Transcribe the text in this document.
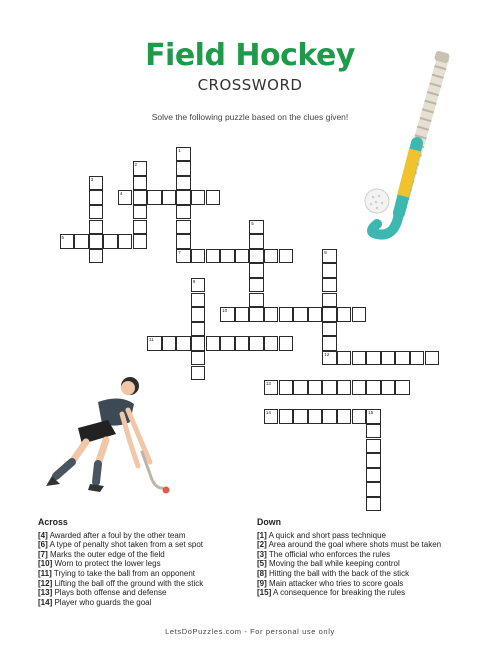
Field Hockey
CROSSWORD
Solve the following puzzle based on the clues given!
1
7
2
3
4
5
6
8
12
9
10
11
13
14	15
Across
[4] Awarded after a foul by the other team
[6] A type of penalty shot taken from a set spot
[7] Marks the outer edge of the field
[10] Worn to protect the lower legs
[11] Trying to take the ball from an opponent
[12] Lifting the ball off the ground with the stick
[13] Plays both offense and defense
[14] Player who guards the goal
Down
[1] A quick and short pass technique
[2] Area around the goal where shots must be taken
[3] The official who enforces the rules
[5] Moving the ball while keeping control
[8] Hitting the ball with the back of the stick
[9] Main attacker who tries to score goals
[15] A consequence for breaking the rules
LetsDoPuzzles.com - For personal use only
